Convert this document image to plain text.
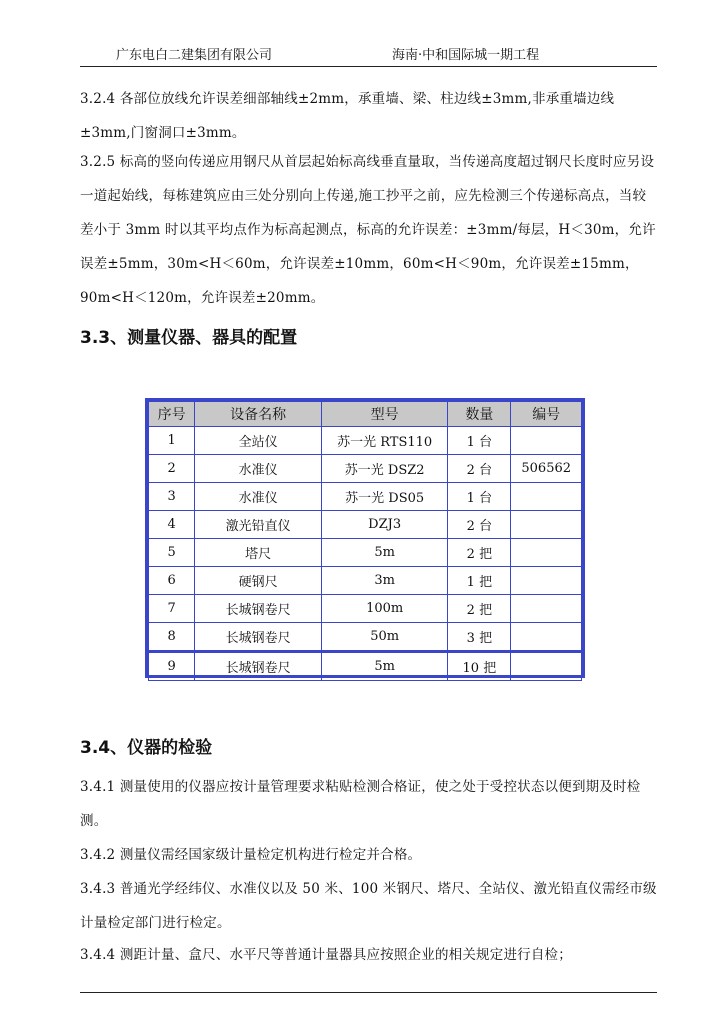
广东电白二建集团有限公司	海南·中和国际城一期工程
3.2.4 各部位放线允许误差细部轴线±2mm，承重墙、梁、柱边线±3mm,非承重墙边线±3mm,门窗洞口±3mm。
3.2.5 标高的竖向传递应用钢尺从首层起始标高线垂直量取，当传递高度超过钢尺长度时应另设一道起始线，每栋建筑应由三处分别向上传递,施工抄平之前，应先检测三个传递标高点，当较差小于 3mm 时以其平均点作为标高起测点，标高的允许误差：±3mm/每层，H＜30m，允许误差±5mm，30m<H＜60m，允许误差±10mm，60m<H＜90m，允许误差±15mm，90m<H＜120m，允许误差±20mm。
3.3、测量仪器、器具的配置
序号	设备名称	型号	数量	编号
1	全站仪	苏一光 RTS110	1 台	
2	水准仪	苏一光 DSZ2	2 台	506562
3	水准仪	苏一光 DS05	1 台	
4	激光铅直仪	DZJ3	2 台	
5	塔尺	5m	2 把	
6	硬钢尺	3m	1 把	
7	长城钢卷尺	100m	2 把	
8	长城钢卷尺	50m	3 把	
9	长城钢卷尺	5m	10 把	
3.4、仪器的检验
3.4.1 测量使用的仪器应按计量管理要求粘贴检测合格证，使之处于受控状态以便到期及时检测。
3.4.2 测量仪需经国家级计量检定机构进行检定并合格。
3.4.3 普通光学经纬仪、水准仪以及 50 米、100 米钢尺、塔尺、全站仪、激光铅直仪需经市级计量检定部门进行检定。
3.4.4 测距计量、盒尺、水平尺等普通计量器具应按照企业的相关规定进行自检；
